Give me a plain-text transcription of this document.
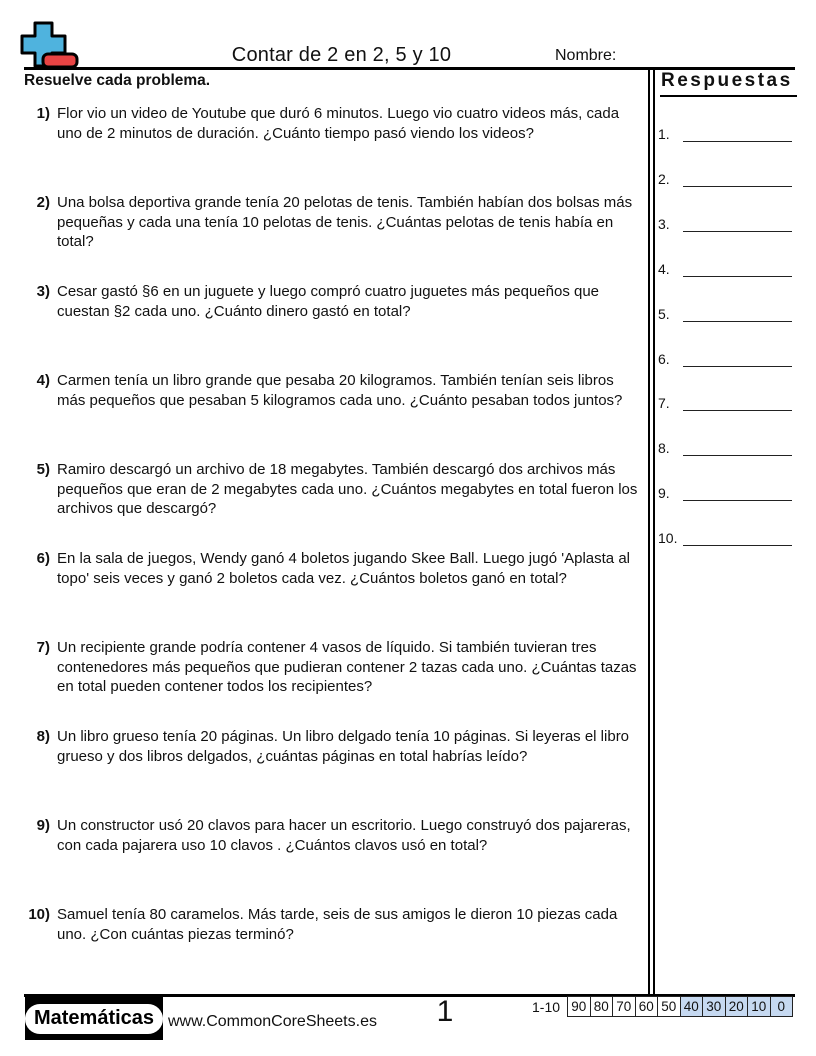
Contar de 2 en 2, 5 y 10	Nombre:
Resuelve cada problema.
1) Flor vio un video de Youtube que duró 6 minutos. Luego vio cuatro videos más, cada uno de 2 minutos de duración. ¿Cuánto tiempo pasó viendo los videos?
2) Una bolsa deportiva grande tenía 20 pelotas de tenis. También habían dos bolsas más pequeñas y cada una tenía 10 pelotas de tenis. ¿Cuántas pelotas de tenis había en total?
3) Cesar gastó §6 en un juguete y luego compró cuatro juguetes más pequeños que cuestan §2 cada uno. ¿Cuánto dinero gastó en total?
4) Carmen tenía un libro grande que pesaba 20 kilogramos. También tenían seis libros más pequeños que pesaban 5 kilogramos cada uno. ¿Cuánto pesaban todos juntos?
5) Ramiro descargó un archivo de 18 megabytes. También descargó dos archivos más pequeños que eran de 2 megabytes cada uno. ¿Cuántos megabytes en total fueron los archivos que descargó?
6) En la sala de juegos, Wendy ganó 4 boletos jugando Skee Ball. Luego jugó 'Aplasta al topo' seis veces y ganó 2 boletos cada vez. ¿Cuántos boletos ganó en total?
7) Un recipiente grande podría contener 4 vasos de líquido. Si también tuvieran tres contenedores más pequeños que pudieran contener 2 tazas cada uno. ¿Cuántas tazas en total pueden contener todos los recipientes?
8) Un libro grueso tenía 20 páginas. Un libro delgado tenía 10 páginas. Si leyeras el libro grueso y dos libros delgados, ¿cuántas páginas en total habrías leído?
9) Un constructor usó 20 clavos para hacer un escritorio. Luego construyó dos pajareras, con cada pajarera uso 10 clavos . ¿Cuántos clavos usó en total?
10) Samuel tenía 80 caramelos. Más tarde, seis de sus amigos le dieron 10 piezas cada uno. ¿Con cuántas piezas terminó?
Respuestas
1.
2.
3.
4.
5.
6.
7.
8.
9.
10.
Matemáticas www.CommonCoreSheets.es	1	1-10 90 80 70 60 50 40 30 20 10 0
